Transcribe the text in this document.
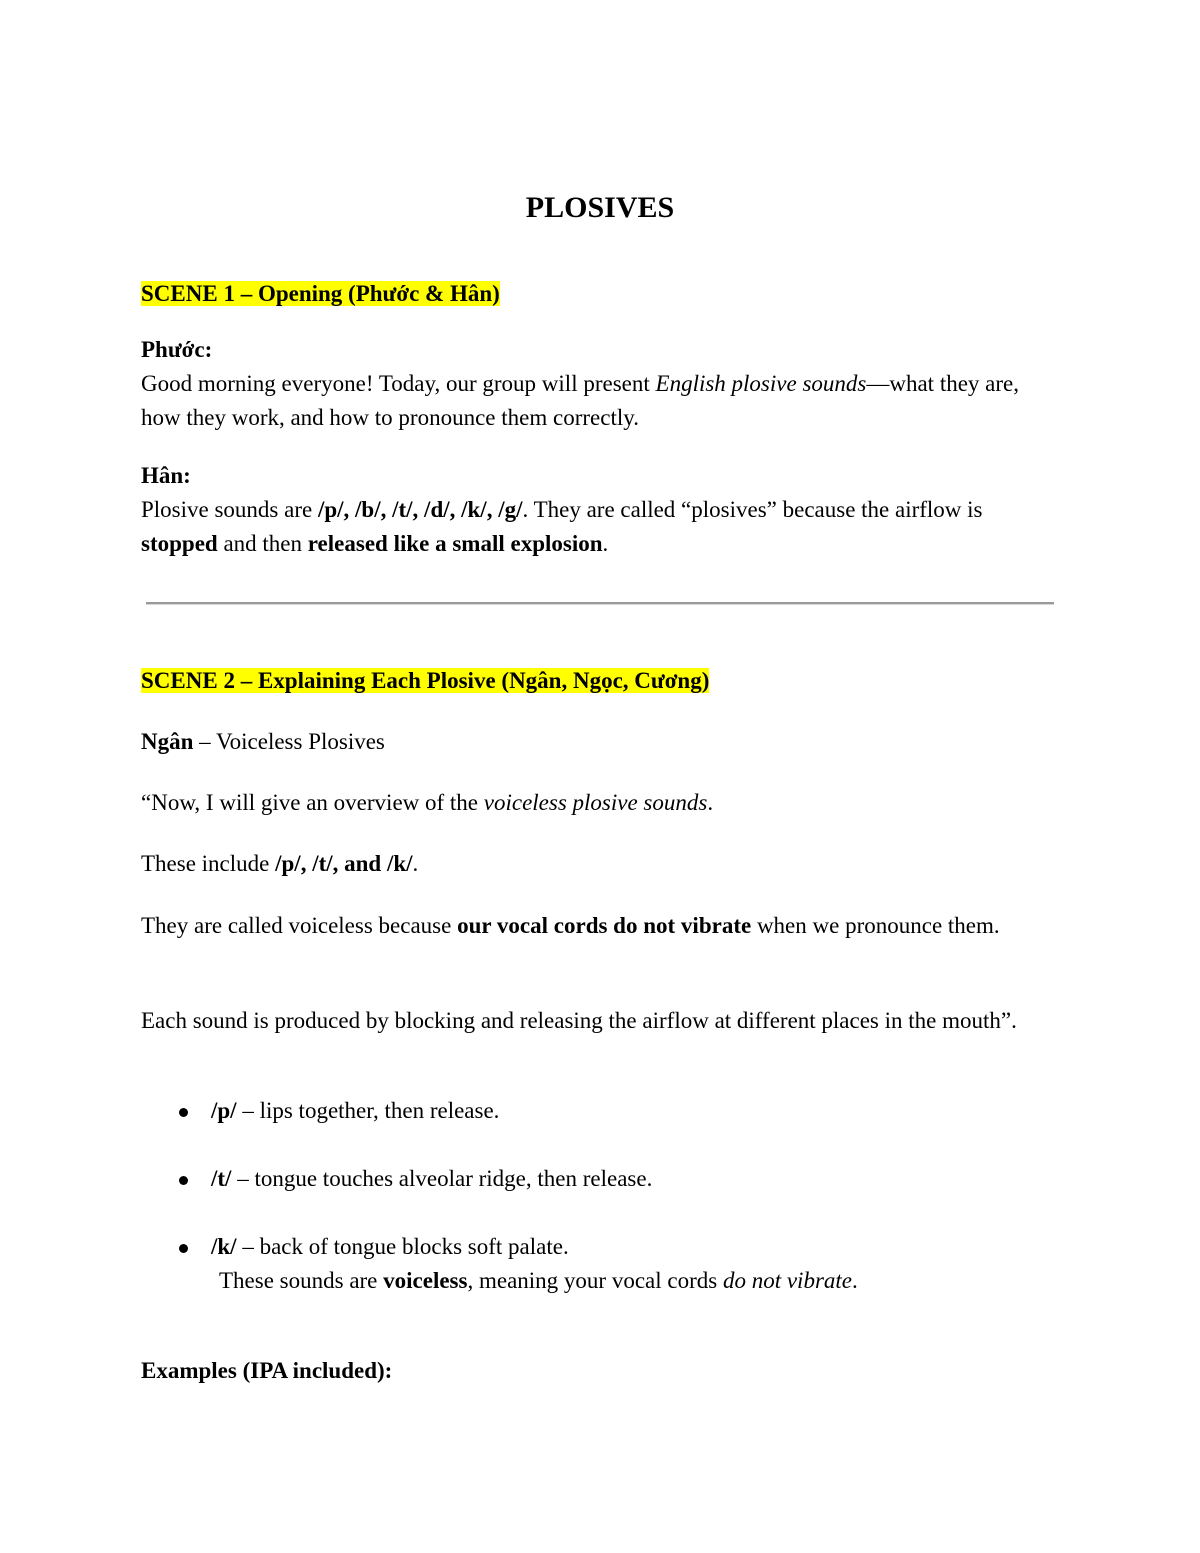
PLOSIVES
SCENE 1 – Opening (Phước & Hân)
Phước:
Good morning everyone! Today, our group will present English plosive sounds—what they are, how they work, and how to pronounce them correctly.
Hân:
Plosive sounds are /p/, /b/, /t/, /d/, /k/, /g/. They are called “plosives” because the airflow is stopped and then released like a small explosion.
SCENE 2 – Explaining Each Plosive (Ngân, Ngọc, Cương)
Ngân – Voiceless Plosives
“Now, I will give an overview of the voiceless plosive sounds.
These include /p/, /t/, and /k/.
They are called voiceless because our vocal cords do not vibrate when we pronounce them.
Each sound is produced by blocking and releasing the airflow at different places in the mouth”.
/p/ – lips together, then release.
/t/ – tongue touches alveolar ridge, then release.
/k/ – back of tongue blocks soft palate.
These sounds are voiceless, meaning your vocal cords do not vibrate.
Examples (IPA included):
